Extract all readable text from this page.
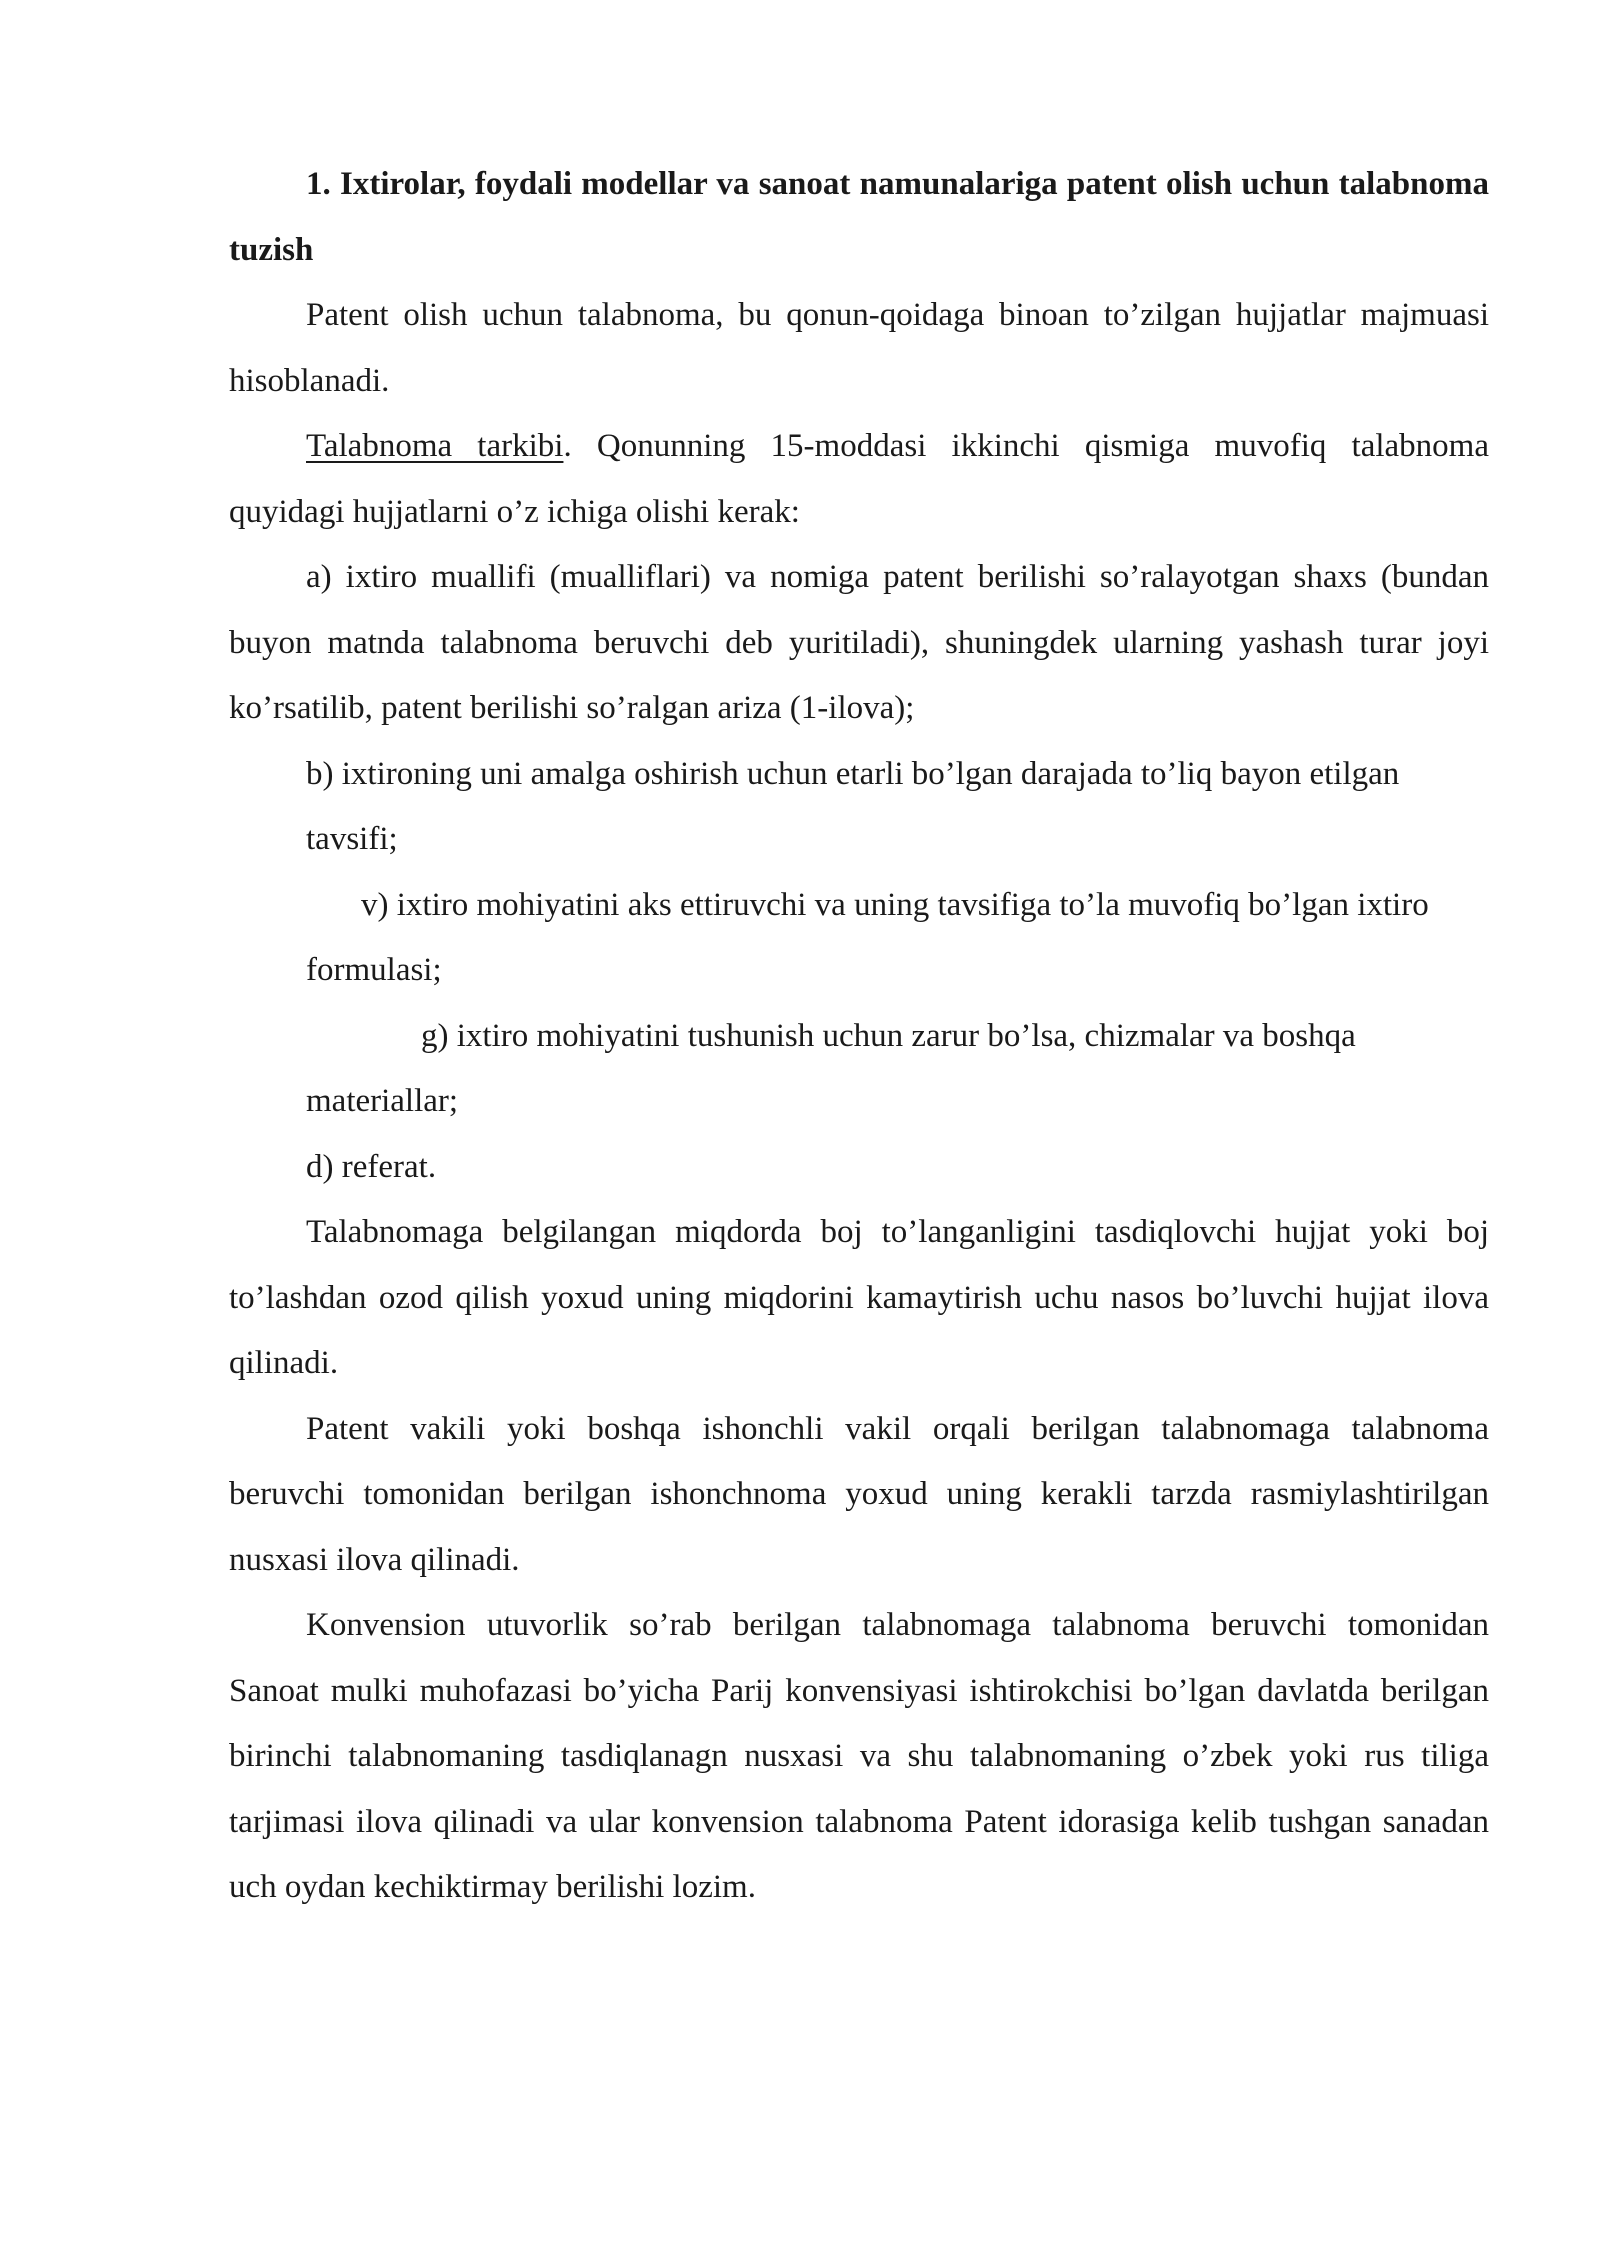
1. Ixtirolar, foydali modellar va sanoat namunalariga patent olish uchun talabnoma tuzish

Patent olish uchun talabnoma, bu qonun-qoidaga binoan to’zilgan hujjatlar majmuasi hisoblanadi.

Talabnoma tarkibi. Qonunning 15-moddasi ikkinchi qismiga muvofiq talabnoma quyidagi hujjatlarni o’z ichiga olishi kerak:

a) ixtiro muallifi (mualliflari) va nomiga patent berilishi so’ralayotgan shaxs (bundan buyon matnda talabnoma beruvchi deb yuritiladi), shuningdek ularning yashash turar joyi ko’rsatilib, patent berilishi so’ralgan ariza (1-ilova);

b) ixtironing uni amalga oshirish uchun etarli bo’lgan darajada to’liq bayon etilgan tavsifi;

v) ixtiro mohiyatini aks ettiruvchi va uning tavsifiga to’la muvofiq bo’lgan ixtiro formulasi;

g) ixtiro mohiyatini tushunish uchun zarur bo’lsa, chizmalar va boshqa materiallar;

d) referat.

Talabnomaga belgilangan miqdorda boj to’langanligini tasdiqlovchi hujjat yoki boj to’lashdan ozod qilish yoxud uning miqdorini kamaytirish uchu nasos bo’luvchi hujjat ilova qilinadi.

Patent vakili yoki boshqa ishonchli vakil orqali berilgan talabnomaga talabnoma beruvchi tomonidan berilgan ishonchnoma yoxud uning kerakli tarzda rasmiylashtirilgan nusxasi ilova qilinadi.

Konvension utuvorlik so’rab berilgan talabnomaga talabnoma beruvchi tomonidan Sanoat mulki muhofazasi bo’yicha Parij konvensiyasi ishtirokchisi bo’lgan davlatda berilgan birinchi talabnomaning tasdiqlanagn nusxasi va shu talabnomaning o’zbek yoki rus tiliga tarjimasi ilova qilinadi va ular konvension talabnoma Patent idorasiga kelib tushgan sanadan uch oydan kechiktirmay berilishi lozim.
